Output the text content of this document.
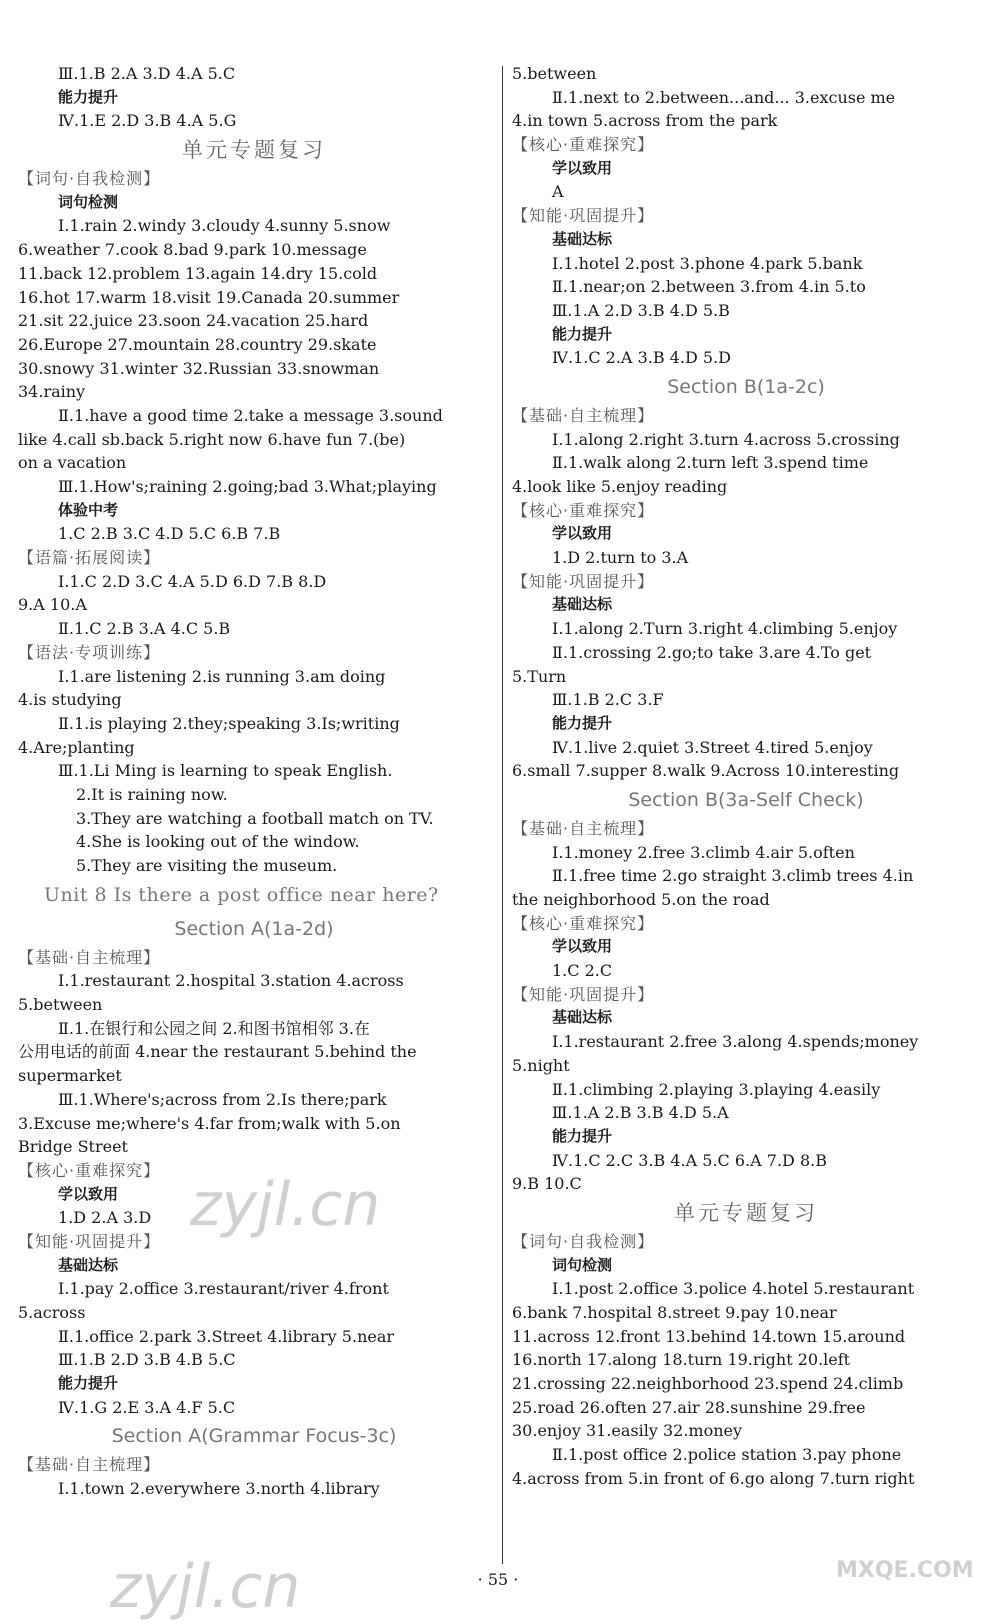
Ⅲ.1.B 2.A 3.D 4.A 5.C
能力提升
Ⅳ.1.E 2.D 3.B 4.A 5.G
单元专题复习
【词句·自我检测】
词句检测
Ⅰ.1.rain 2.windy 3.cloudy 4.sunny 5.snow
6.weather 7.cook 8.bad 9.park 10.message
11.back 12.problem 13.again 14.dry 15.cold
16.hot 17.warm 18.visit 19.Canada 20.summer
21.sit 22.juice 23.soon 24.vacation 25.hard
26.Europe 27.mountain 28.country 29.skate
30.snowy 31.winter 32.Russian 33.snowman
34.rainy
Ⅱ.1.have a good time 2.take a message 3.sound
like 4.call sb.back 5.right now 6.have fun 7.(be)
on a vacation
Ⅲ.1.How's;raining 2.going;bad 3.What;playing
体验中考
1.C 2.B 3.C 4.D 5.C 6.B 7.B
【语篇·拓展阅读】
Ⅰ.1.C 2.D 3.C 4.A 5.D 6.D 7.B 8.D
9.A 10.A
Ⅱ.1.C 2.B 3.A 4.C 5.B
【语法·专项训练】
Ⅰ.1.are listening 2.is running 3.am doing
4.is studying
Ⅱ.1.is playing 2.they;speaking 3.Is;writing
4.Are;planting
Ⅲ.1.Li Ming is learning to speak English.
2.It is raining now.
3.They are watching a football match on TV.
4.She is looking out of the window.
5.They are visiting the museum.
Unit 8 Is there a post office near here?
Section A(1a-2d)
【基础·自主梳理】
Ⅰ.1.restaurant 2.hospital 3.station 4.across
5.between
Ⅱ.1.在银行和公园之间 2.和图书馆相邻 3.在
公用电话的前面 4.near the restaurant 5.behind the
supermarket
Ⅲ.1.Where's;across from 2.Is there;park
3.Excuse me;where's 4.far from;walk with 5.on
Bridge Street
【核心·重难探究】
学以致用
1.D 2.A 3.D
【知能·巩固提升】
基础达标
Ⅰ.1.pay 2.office 3.restaurant/river 4.front
5.across
Ⅱ.1.office 2.park 3.Street 4.library 5.near
Ⅲ.1.B 2.D 3.B 4.B 5.C
能力提升
Ⅳ.1.G 2.E 3.A 4.F 5.C
Section A(Grammar Focus-3c)
【基础·自主梳理】
Ⅰ.1.town 2.everywhere 3.north 4.library
5.between
Ⅱ.1.next to 2.between...and... 3.excuse me
4.in town 5.across from the park
【核心·重难探究】
学以致用
A
【知能·巩固提升】
基础达标
Ⅰ.1.hotel 2.post 3.phone 4.park 5.bank
Ⅱ.1.near;on 2.between 3.from 4.in 5.to
Ⅲ.1.A 2.D 3.B 4.D 5.B
能力提升
Ⅳ.1.C 2.A 3.B 4.D 5.D
Section B(1a-2c)
【基础·自主梳理】
Ⅰ.1.along 2.right 3.turn 4.across 5.crossing
Ⅱ.1.walk along 2.turn left 3.spend time
4.look like 5.enjoy reading
【核心·重难探究】
学以致用
1.D 2.turn to 3.A
【知能·巩固提升】
基础达标
Ⅰ.1.along 2.Turn 3.right 4.climbing 5.enjoy
Ⅱ.1.crossing 2.go;to take 3.are 4.To get
5.Turn
Ⅲ.1.B 2.C 3.F
能力提升
Ⅳ.1.live 2.quiet 3.Street 4.tired 5.enjoy
6.small 7.supper 8.walk 9.Across 10.interesting
Section B(3a-Self Check)
【基础·自主梳理】
Ⅰ.1.money 2.free 3.climb 4.air 5.often
Ⅱ.1.free time 2.go straight 3.climb trees 4.in
the neighborhood 5.on the road
【核心·重难探究】
学以致用
1.C 2.C
【知能·巩固提升】
基础达标
Ⅰ.1.restaurant 2.free 3.along 4.spends;money
5.night
Ⅱ.1.climbing 2.playing 3.playing 4.easily
Ⅲ.1.A 2.B 3.B 4.D 5.A
能力提升
Ⅳ.1.C 2.C 3.B 4.A 5.C 6.A 7.D 8.B
9.B 10.C
单元专题复习
【词句·自我检测】
词句检测
Ⅰ.1.post 2.office 3.police 4.hotel 5.restaurant
6.bank 7.hospital 8.street 9.pay 10.near
11.across 12.front 13.behind 14.town 15.around
16.north 17.along 18.turn 19.right 20.left
21.crossing 22.neighborhood 23.spend 24.climb
25.road 26.often 27.air 28.sunshine 29.free
30.enjoy 31.easily 32.money
Ⅱ.1.post office 2.police station 3.pay phone
4.across from 5.in front of 6.go along 7.turn right
· 55 ·
zyjl.cn
zyjl.cn	MXQE.COM
